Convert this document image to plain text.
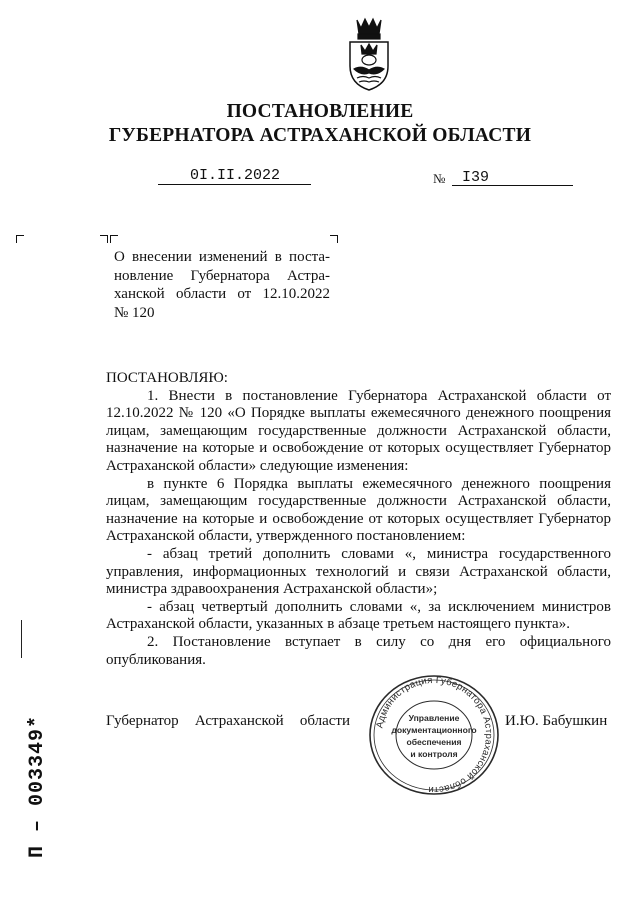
ПОСТАНОВЛЕНИЕ
ГУБЕРНАТОРА АСТРАХАНСКОЙ ОБЛАСТИ
0I.II.2022	№ I39
О внесении изменений в поста-
новление Губернатора Астра-
ханской области от 12.10.2022
№ 120

ПОСТАНОВЛЯЮ:

1. Внести в постановление Губернатора Астраханской области от 12.10.2022 № 120 «О Порядке выплаты ежемесячного денежного поощрения лицам, замещающим государственные должности Астраханской области, назначение на которые и освобождение от которых осуществляет Губернатор Астраханской области» следующие изменения:

в пункте 6 Порядка выплаты ежемесячного денежного поощрения лицам, замещающим государственные должности Астраханской области, назначение на которые и освобождение от которых осуществляет Губернатор Астраханской области, утвержденного постановлением:

- абзац третий дополнить словами «, министра государственного управления, информационных технологий и связи Астраханской области, министра здравоохранения Астраханской области»;

- абзац четвертый дополнить словами «, за исключением министров Астраханской области, указанных в абзаце третьем настоящего пункта».

2. Постановление вступает в силу со дня его официального опубликования.

Губернатор Астраханской области	И.Ю. Бабушкин
Администрация Губернатора Астраханской области
Управление
документационного
обеспечения
и контроля
П – 003349*
